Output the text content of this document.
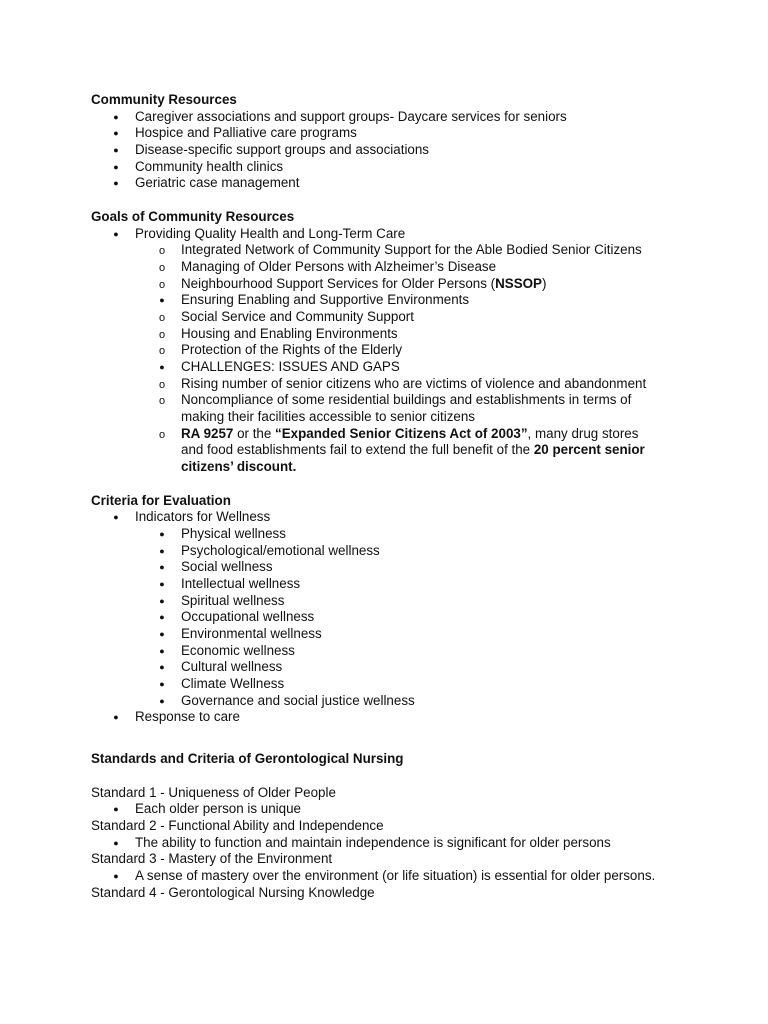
Community Resources
●	Caregiver associations and support groups- Daycare services for seniors
●	Hospice and Palliative care programs
●	Disease-specific support groups and associations
●	Community health clinics
●	Geriatric case management
Goals of Community Resources
●	Providing Quality Health and Long-Term Care
o Integrated Network of Community Support for the Able Bodied Senior Citizens
o Managing of Older Persons with Alzheimer’s Disease
o Neighbourhood Support Services for Older Persons (NSSOP)
●	Ensuring Enabling and Supportive Environments
o Social Service and Community Support
o Housing and Enabling Environments
o Protection of the Rights of the Elderly
●	CHALLENGES: ISSUES AND GAPS
o Rising number of senior citizens who are victims of violence and abandonment
o Noncompliance of some residential buildings and establishments in terms of
making their facilities accessible to senior citizens
o RA 9257 or the “Expanded Senior Citizens Act of 2003”, many drug stores
and food establishments fail to extend the full benefit of the 20 percent senior
citizens’ discount.
Criteria for Evaluation
●	Indicators for Wellness
●	Physical wellness
●	Psychological/emotional wellness
●	Social wellness
●	Intellectual wellness
●	Spiritual wellness
●	Occupational wellness
●	Environmental wellness
●	Economic wellness
●	Cultural wellness
●	Climate Wellness
●	Governance and social justice wellness
●	Response to care
Standards and Criteria of Gerontological Nursing
Standard 1 - Uniqueness of Older People
●	Each older person is unique
Standard 2 - Functional Ability and Independence
●	The ability to function and maintain independence is significant for older persons
Standard 3 - Mastery of the Environment
●	A sense of mastery over the environment (or life situation) is essential for older persons.
Standard 4 - Gerontological Nursing Knowledge
